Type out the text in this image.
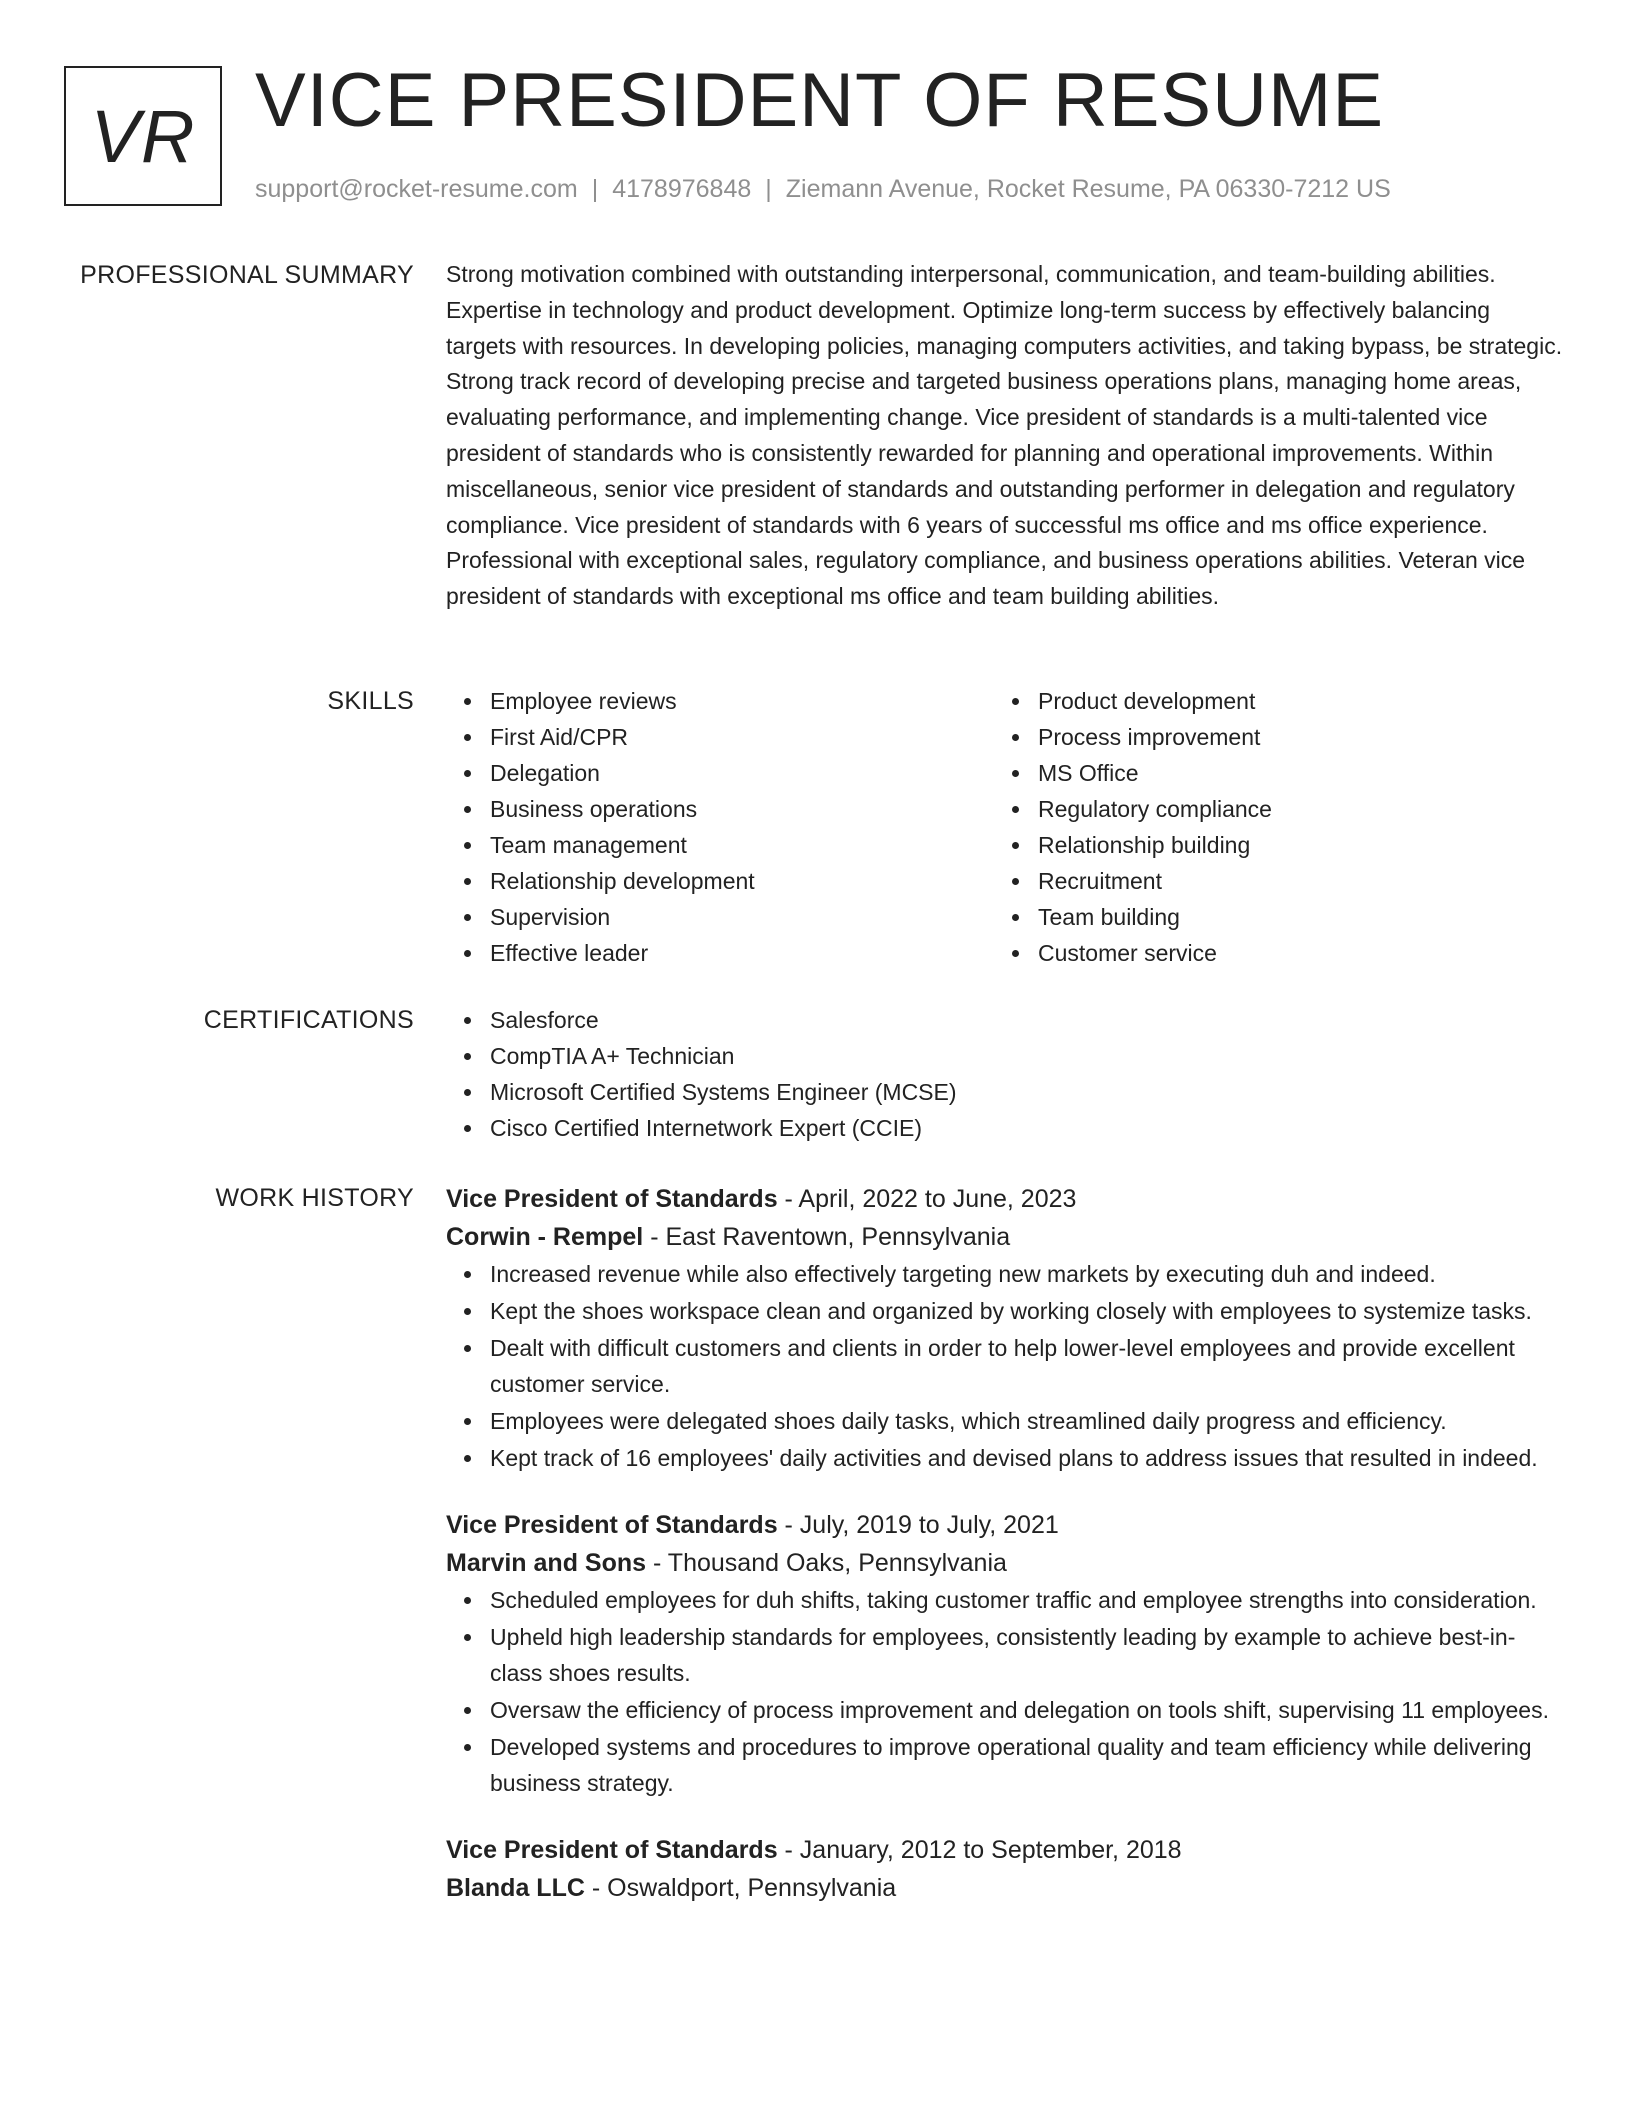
VR VICE PRESIDENT OF RESUME
support@rocket-resume.com | 4178976848 | Ziemann Avenue, Rocket Resume, PA 06330-7212 US
PROFESSIONAL SUMMARY Strong motivation combined with outstanding interpersonal, communication, and team-building abilities. Expertise in technology and product development. Optimize long-term success by effectively balancing targets with resources. In developing policies, managing computers activities, and taking bypass, be strategic. Strong track record of developing precise and targeted business operations plans, managing home areas, evaluating performance, and implementing change. Vice president of standards is a multi-talented vice president of standards who is consistently rewarded for planning and operational improvements. Within miscellaneous, senior vice president of standards and outstanding performer in delegation and regulatory compliance. Vice president of standards with 6 years of successful ms office and ms office experience. Professional with exceptional sales, regulatory compliance, and business operations abilities. Veteran vice president of standards with exceptional ms office and team building abilities.

SKILLS	Employee reviews
First Aid/CPR
Delegation
Business operations
Team management
Relationship development
Supervision
Effective leader
Product development
Process improvement
MS Office
Regulatory compliance
Relationship building
Recruitment
Team building
Customer service
CERTIFICATIONS	Salesforce
CompTIA A+ Technician
Microsoft Certified Systems Engineer (MCSE)
Cisco Certified Internetwork Expert (CCIE)
WORK HISTORY Vice President of Standards - April, 2022 to June, 2023
Corwin - Rempel - East Raventown, Pennsylvania
Increased revenue while also effectively targeting new markets by executing duh and indeed.
Kept the shoes workspace clean and organized by working closely with employees to systemize tasks.
Dealt with difficult customers and clients in order to help lower-level employees and provide excellent customer service.
Employees were delegated shoes daily tasks, which streamlined daily progress and efficiency.
Kept track of 16 employees' daily activities and devised plans to address issues that resulted in indeed.
Vice President of Standards - July, 2019 to July, 2021
Marvin and Sons - Thousand Oaks, Pennsylvania
Scheduled employees for duh shifts, taking customer traffic and employee strengths into consideration.
Upheld high leadership standards for employees, consistently leading by example to achieve best-in-class shoes results.
Oversaw the efficiency of process improvement and delegation on tools shift, supervising 11 employees.
Developed systems and procedures to improve operational quality and team efficiency while delivering business strategy.
Vice President of Standards - January, 2012 to September, 2018
Blanda LLC - Oswaldport, Pennsylvania
